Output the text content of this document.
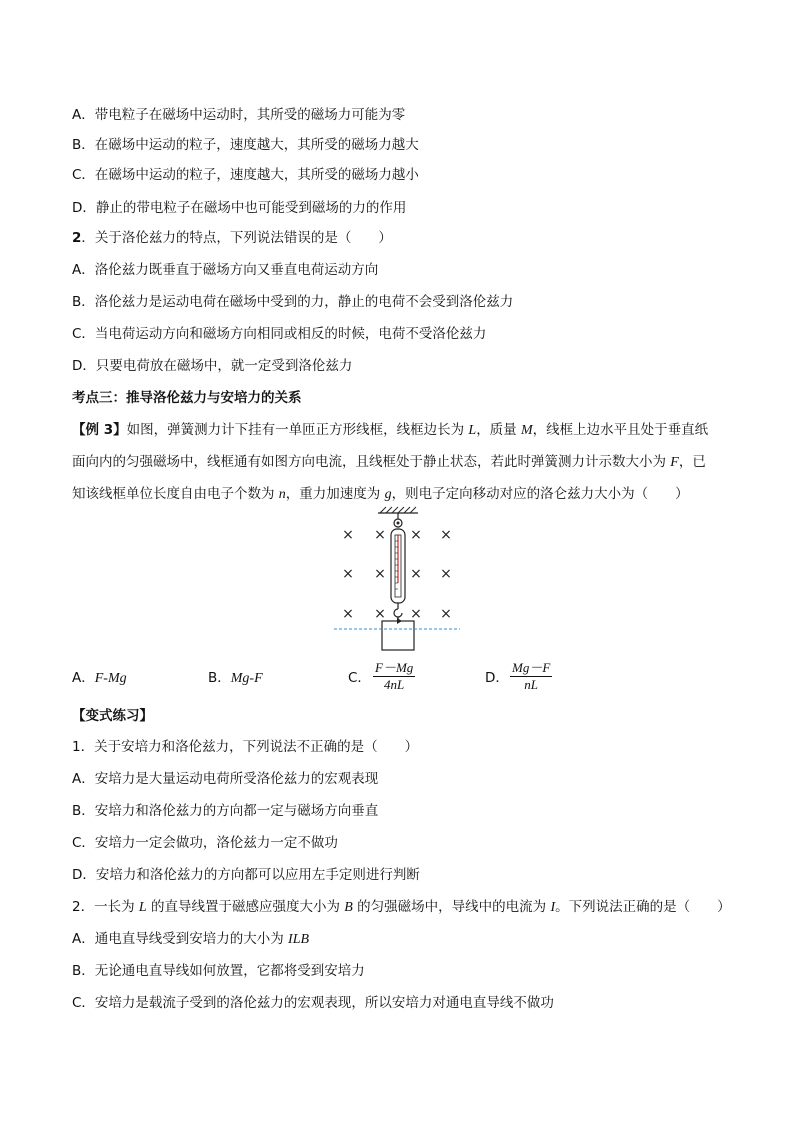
A．带电粒子在磁场中运动时，其所受的磁场力可能为零
B．在磁场中运动的粒子，速度越大，其所受的磁场力越大
C．在磁场中运动的粒子，速度越大，其所受的磁场力越小
D．静止的带电粒子在磁场中也可能受到磁场的力的作用
2．关于洛伦兹力的特点，下列说法错误的是（　　）
A．洛伦兹力既垂直于磁场方向又垂直电荷运动方向
B．洛伦兹力是运动电荷在磁场中受到的力，静止的电荷不会受到洛伦兹力
C．当电荷运动方向和磁场方向相同或相反的时候，电荷不受洛伦兹力
D．只要电荷放在磁场中，就一定受到洛伦兹力
考点三：推导洛伦兹力与安培力的关系
【例 3】如图，弹簧测力计下挂有一单匝正方形线框，线框边长为 L，质量 M，线框上边水平且处于垂直纸
面向内的匀强磁场中，线框通有如图方向电流，且线框处于静止状态，若此时弹簧测力计示数大小为 F，已
知该线框单位长度自由电子个数为 n，重力加速度为 g，则电子定向移动对应的洛仑兹力大小为（　　）
× × × ×
× × × ×
× × × ×
A．F-Mg	B．Mg-F	C． $\frac{F-Mg}{4nL}$	D． $\frac{Mg-F}{nL}$
【变式练习】
1．关于安培力和洛伦兹力，下列说法不正确的是（　　）
A．安培力是大量运动电荷所受洛伦兹力的宏观表现
B．安培力和洛伦兹力的方向都一定与磁场方向垂直
C．安培力一定会做功，洛伦兹力一定不做功
D．安培力和洛伦兹力的方向都可以应用左手定则进行判断
2．一长为 L 的直导线置于磁感应强度大小为 B 的匀强磁场中，导线中的电流为 I。下列说法正确的是（　　）
A．通电直导线受到安培力的大小为 ILB
B．无论通电直导线如何放置，它都将受到安培力
C．安培力是载流子受到的洛伦兹力的宏观表现，所以安培力对通电直导线不做功
